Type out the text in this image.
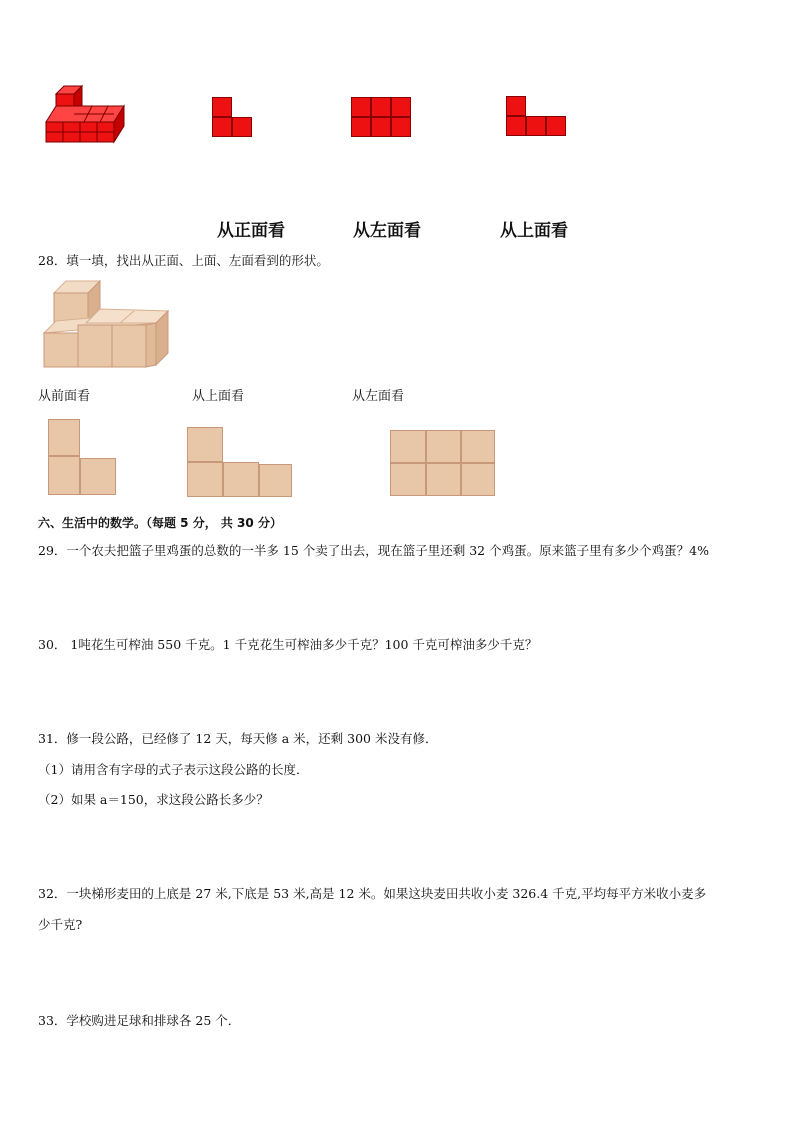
从正面看	从左面看	从上面看
28．填一填，找出从正面、上面、左面看到的形状。
从前面看	从上面看	从左面看
六、生活中的数学。（每题 5 分， 共 30 分）
29．一个农夫把篮子里鸡蛋的总数的一半多 15 个卖了出去，现在篮子里还剩 32 个鸡蛋。原来篮子里有多少个鸡蛋？4%
30． 1吨花生可榨油 550 千克。1 千克花生可榨油多少千克？100 千克可榨油多少千克？
31．修一段公路，已经修了 12 天，每天修 a 米，还剩 300 米没有修．
（1）请用含有字母的式子表示这段公路的长度．
（2）如果 a＝150，求这段公路长多少？
32．一块梯形麦田的上底是 27 米,下底是 53 米,高是 12 米。如果这块麦田共收小麦 326.4 千克,平均每平方米收小麦多
少千克?
33．学校购进足球和排球各 25 个．
